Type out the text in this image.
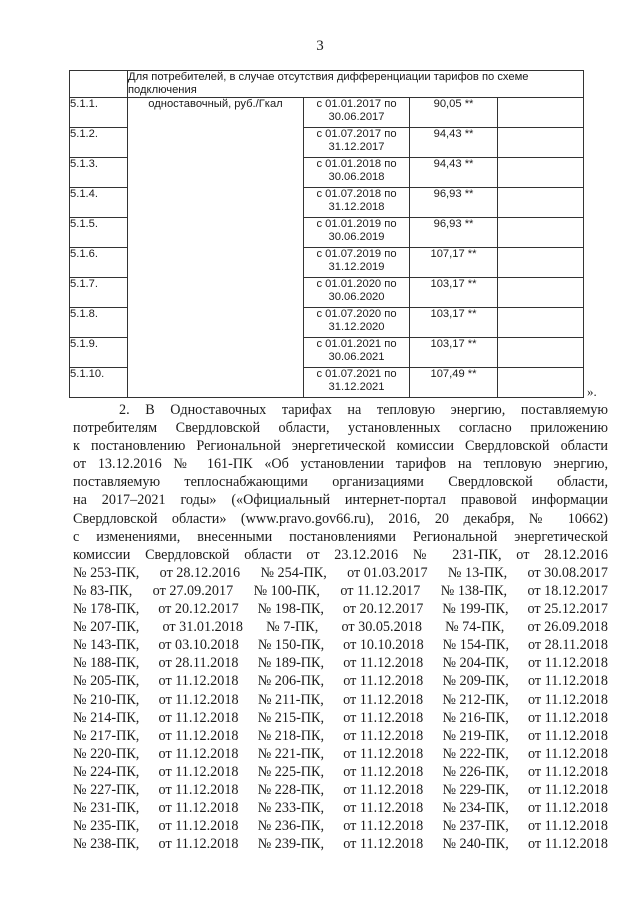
3
	Для потребителей, в случае отсутствия дифференциации тарифов по схеме подключения			
5.1.1.	одноставочный, руб./Гкал	с 01.01.2017 по
30.06.2017	90,05 **	
5.1.2.		с 01.07.2017 по
31.12.2017	94,43 **	
5.1.3.		с 01.01.2018 по
30.06.2018	94,43 **	
5.1.4.		с 01.07.2018 по
31.12.2018	96,93 **	
5.1.5.		с 01.01.2019 по
30.06.2019	96,93 **	
5.1.6.		с 01.07.2019 по
31.12.2019	107,17 **	
5.1.7.		с 01.01.2020 по
30.06.2020	103,17 **	
5.1.8.		с 01.07.2020 по
31.12.2020	103,17 **	
5.1.9.		с 01.01.2021 по
30.06.2021	103,17 **	
5.1.10.		с 01.07.2021 по
31.12.2021	107,49 **	
».
2. В Одноставочных тарифах на тепловую энергию, поставляемую
потребителям Свердловской области, установленных согласно приложению
к постановлению Региональной энергетической комиссии Свердловской области
от 13.12.2016 № 161-ПК «Об установлении тарифов на тепловую энергию,
поставляемую теплоснабжающими организациями Свердловской области,
на 2017–2021 годы» («Официальный интернет-портал правовой информации
Свердловской области» (www.pravo.gov66.ru), 2016, 20 декабря, № 10662)
с изменениями, внесенными постановлениями Региональной энергетической
комиссии Свердловской области от 23.12.2016 № 231-ПК, от 28.12.2016
№ 253-ПК, от 28.12.2016 № 254-ПК, от 01.03.2017 № 13-ПК, от 30.08.2017
№ 83-ПК, от 27.09.2017 № 100-ПК, от 11.12.2017 № 138-ПК, от 18.12.2017
№ 178-ПК, от 20.12.2017 № 198-ПК, от 20.12.2017 № 199-ПК, от 25.12.2017
№ 207-ПК, от 31.01.2018 № 7-ПК, от 30.05.2018 № 74-ПК, от 26.09.2018
№ 143-ПК, от 03.10.2018 № 150-ПК, от 10.10.2018 № 154-ПК, от 28.11.2018
№ 188-ПК, от 28.11.2018 № 189-ПК, от 11.12.2018 № 204-ПК, от 11.12.2018
№ 205-ПК, от 11.12.2018 № 206-ПК, от 11.12.2018 № 209-ПК, от 11.12.2018
№ 210-ПК, от 11.12.2018 № 211-ПК, от 11.12.2018 № 212-ПК, от 11.12.2018
№ 214-ПК, от 11.12.2018 № 215-ПК, от 11.12.2018 № 216-ПК, от 11.12.2018
№ 217-ПК, от 11.12.2018 № 218-ПК, от 11.12.2018 № 219-ПК, от 11.12.2018
№ 220-ПК, от 11.12.2018 № 221-ПК, от 11.12.2018 № 222-ПК, от 11.12.2018
№ 224-ПК, от 11.12.2018 № 225-ПК, от 11.12.2018 № 226-ПК, от 11.12.2018
№ 227-ПК, от 11.12.2018 № 228-ПК, от 11.12.2018 № 229-ПК, от 11.12.2018
№ 231-ПК, от 11.12.2018 № 233-ПК, от 11.12.2018 № 234-ПК, от 11.12.2018
№ 235-ПК, от 11.12.2018 № 236-ПК, от 11.12.2018 № 237-ПК, от 11.12.2018
№ 238-ПК, от 11.12.2018 № 239-ПК, от 11.12.2018 № 240-ПК, от 11.12.2018
